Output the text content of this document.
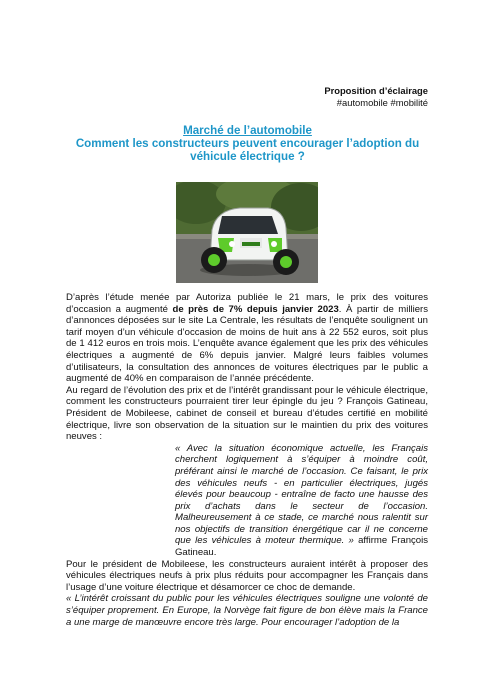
Proposition d’éclairage
#automobile #mobilité
Marché de l’automobile
Comment les constructeurs peuvent encourager l’adoption du
véhicule électrique ?

D’après l’étude menée par Autoriza publiée le 21 mars, le prix des voitures d’occasion a augmenté de près de 7% depuis janvier 2023. À partir de milliers d’annonces déposées sur le site La Centrale, les résultats de l’enquête soulignent un tarif moyen d’un véhicule d’occasion de moins de huit ans à 22 552 euros, soit plus de 1 412 euros en trois mois. L’enquête avance également que les prix des véhicules électriques a augmenté de 6% depuis janvier. Malgré leurs faibles volumes d’utilisateurs, la consultation des annonces de voitures électriques par le public a augmenté de 40% en comparaison de l’année précédente.

Au regard de l’évolution des prix et de l’intérêt grandissant pour le véhicule électrique, comment les constructeurs pourraient tirer leur épingle du jeu ? François Gatineau, Président de Mobileese, cabinet de conseil et bureau d’études certifié en mobilité électrique, livre son observation de la situation sur le maintien du prix des voitures neuves :

« Avec la situation économique actuelle, les Français cherchent logiquement à s’équiper à moindre coût, préférant ainsi le marché de l’occasion. Ce faisant, le prix des véhicules neufs - en particulier électriques, jugés élevés pour beaucoup - entraîne de facto une hausse des prix d’achats dans le secteur de l’occasion. Malheureusement à ce stade, ce marché nous ralentit sur nos objectifs de transition énergétique car il ne concerne que les véhicules à moteur thermique. » affirme François Gatineau.

Pour le président de Mobileese, les constructeurs auraient intérêt à proposer des véhicules électriques neufs à prix plus réduits pour accompagner les Français dans l’usage d’une voiture électrique et désamorcer ce choc de demande.

« L’intérêt croissant du public pour les véhicules électriques souligne une volonté de s’équiper proprement. En Europe, la Norvège fait figure de bon élève mais la France a une marge de manœuvre encore très large. Pour encourager l’adoption de la
